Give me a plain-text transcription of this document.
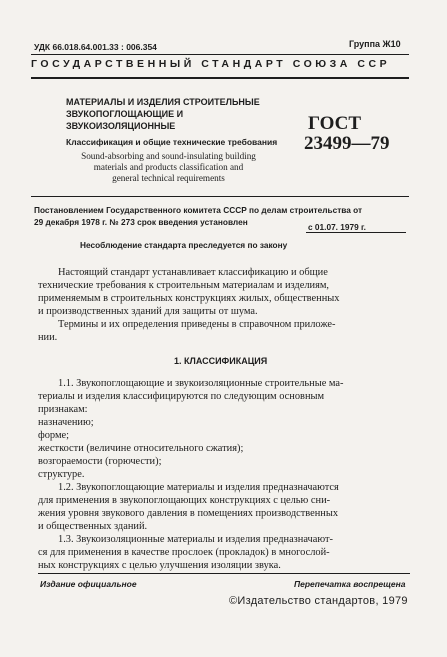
УДК 66.018.64.001.33 : 006.354	Группа Ж10
ГОСУДАРСТВЕННЫЙ СТАНДАРТ СОЮЗА ССР
МАТЕРИАЛЫ И ИЗДЕЛИЯ СТРОИТЕЛЬНЫЕ
ЗВУКОПОГЛОЩАЮЩИЕ И ЗВУКОИЗОЛЯЦИОННЫЕ
Классификация и общие технические требования
Sound-absorbing and sound-insulating building
materials and products classification and
general technical requirements
ГОСТ
23499—79
Постановлением Государственного комитета СССР по делам строительства от
29 декабря 1978 г. № 273 срок введения установлен
с 01.07. 1979 г.
Несоблюдение стандарта преследуется по закону

Настоящий стандарт устанавливает классификацию и общие

технические требования к строительным материалам и изделиям,

применяемым в строительных конструкциях жилых, общественных

и производственных зданий для защиты от шума.

Термины и их определения приведены в справочном приложе-

нии.

1. КЛАССИФИКАЦИЯ

1.1. Звукопоглощающие и звукоизоляционные строительные ма-

териалы и изделия классифицируются по следующим основным

признакам:

назначению;

форме;

жесткости (величине относительного сжатия);

возгораемости (горючести);

структуре.

1.2. Звукопоглощающие материалы и изделия предназначаются

для применения в звукопоглощающих конструкциях с целью сни-

жения уровня звукового давления в помещениях производственных

и общественных зданий.

1.3. Звукоизоляционные материалы и изделия предназначают-

ся для применения в качестве прослоек (прокладок) в многослой-

ных конструкциях с целью улучшения изоляции звука.

Издание официальное	Перепечатка воспрещена
©Издательство стандартов, 1979
